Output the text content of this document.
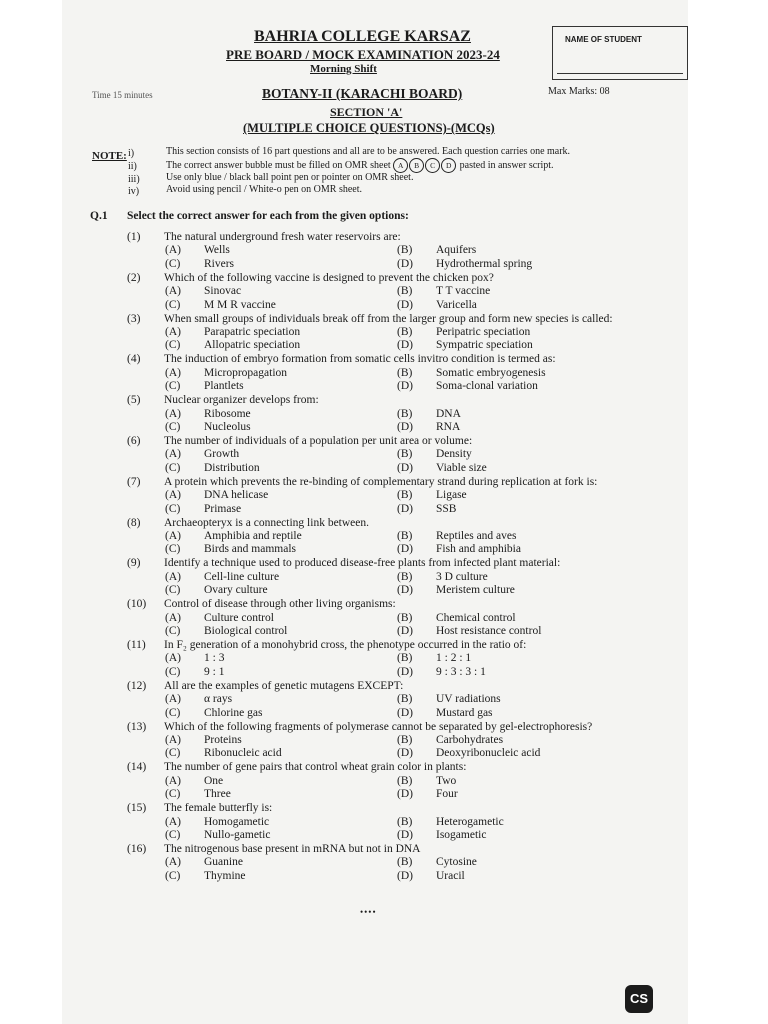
BAHRIA COLLEGE KARSAZ
PRE BOARD / MOCK EXAMINATION 2023-24
Morning Shift
Time 15 minutes	BOTANY-II (KARACHI BOARD)	Max Marks: 08
SECTION 'A'
(MULTIPLE CHOICE QUESTIONS)-(MCQs)
NAME OF STUDENT
NOTE: i)	This section consists of 16 part questions and all are to be answered. Each question carries one mark.
ii)	The correct answer bubble must be filled on OMR sheet A B C D pasted in answer script.
iii)	Use only blue / black ball point pen or pointer on OMR sheet.
iv)	Avoid using pencil / White-o pen on OMR sheet.
Q.1 Select the correct answer for each from the given options:
(1) The natural underground fresh water reservoirs are:
(A) Wells	(B) Aquifers
(C) Rivers	(D) Hydrothermal spring
(2) Which of the following vaccine is designed to prevent the chicken pox?
(A) Sinovac	(B) T T vaccine
(C) M M R vaccine	(D) Varicella
(3) When small groups of individuals break off from the larger group and form new species is called:
(A) Parapatric speciation	(B) Peripatric speciation
(C) Allopatric speciation	(D) Sympatric speciation
(4) The induction of embryo formation from somatic cells invitro condition is termed as:
(A) Micropropagation	(B) Somatic embryogenesis
(C) Plantlets	(D) Soma-clonal variation
(5) Nuclear organizer develops from:
(A) Ribosome	(B) DNA
(C) Nucleolus	(D) RNA
(6) The number of individuals of a population per unit area or volume:
(A) Growth	(B) Density
(C) Distribution	(D) Viable size
(7) A protein which prevents the re-binding of complementary strand during replication at fork is:
(A) DNA helicase	(B) Ligase
(C) Primase	(D) SSB
(8) Archaeopteryx is a connecting link between.
(A) Amphibia and reptile	(B) Reptiles and aves
(C) Birds and mammals	(D) Fish and amphibia
(9) Identify a technique used to produced disease-free plants from infected plant material:
(A) Cell-line culture	(B) 3 D culture
(C) Ovary culture	(D) Meristem culture
(10) Control of disease through other living organisms:
(A) Culture control	(B) Chemical control
(C) Biological control	(D) Host resistance control
(11) In F₂ generation of a monohybrid cross, the phenotype occurred in the ratio of:
(A) 1 : 3	(B) 1 : 2 : 1
(C) 9 : 1	(D) 9 : 3 : 3 : 1
(12) All are the examples of genetic mutagens EXCEPT:
(A) α rays	(B) UV radiations
(C) Chlorine gas	(D) Mustard gas
(13) Which of the following fragments of polymerase cannot be separated by gel-electrophoresis?
(A) Proteins	(B) Carbohydrates
(C) Ribonucleic acid	(D) Deoxyribonucleic acid
(14) The number of gene pairs that control wheat grain color in plants:
(A) One	(B) Two
(C) Three	(D) Four
(15) The female butterfly is:
(A) Homogametic	(B) Heterogametic
(C) Nullo-gametic	(D) Isogametic
(16) The nitrogenous base present in mRNA but not in DNA
(A) Guanine	(B) Cytosine
(C) Thymine	(D) Uracil
••••
CS
